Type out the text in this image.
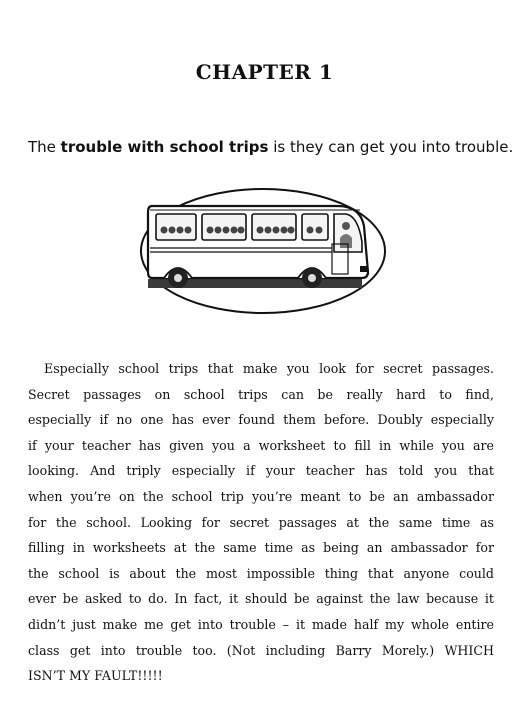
CHAPTER 1
The trouble with school trips is they can get you into trouble.
Especially school trips that make you look for secret passages.
Secret passages on school trips can be really hard to find,
especially if no one has ever found them before. Doubly especially
if your teacher has given you a worksheet to fill in while you are
looking. And triply especially if your teacher has told you that
when you’re on the school trip you’re meant to be an ambassador
for the school. Looking for secret passages at the same time as
filling in worksheets at the same time as being an ambassador for
the school is about the most impossible thing that anyone could
ever be asked to do. In fact, it should be against the law because it
didn’t just make me get into trouble – it made half my whole entire
class get into trouble too. (Not including Barry Morely.) WHICH
ISN’T MY FAULT!!!!!
